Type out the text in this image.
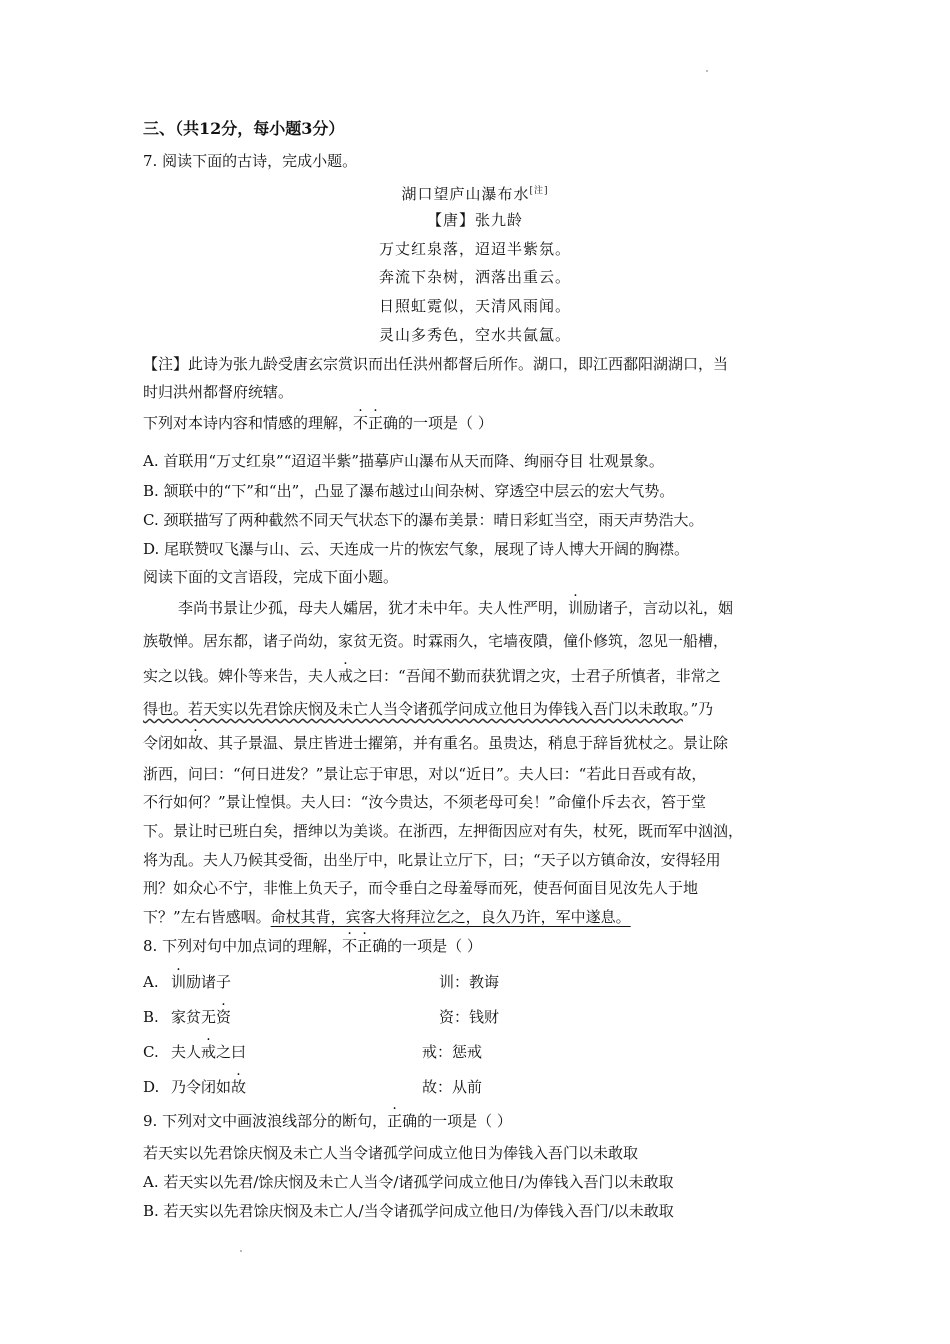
三、（共12分，每小题3分）
7. 阅读下面的古诗，完成小题。
湖口望庐山瀑布水[注]
【唐】张九龄
万丈红泉落，迢迢半紫氛。
奔流下杂树，洒落出重云。
日照虹霓似，天清风雨闻。
灵山多秀色，空水共氤氲。
【注】此诗为张九龄受唐玄宗赏识而出任洪州都督后所作。湖口，即江西鄱阳湖湖口，当
时归洪州都督府统辖。
下列对本诗内容和情感的理解，不正确的一项是（ ）
A. 首联用“万丈红泉”“迢迢半紫”描摹庐山瀑布从天而降、绚丽夺目 壮观景象。
B. 颔联中的“下”和“出”，凸显了瀑布越过山间杂树、穿透空中层云的宏大气势。
C. 颈联描写了两种截然不同天气状态下的瀑布美景：晴日彩虹当空，雨天声势浩大。
D. 尾联赞叹飞瀑与山、云、天连成一片的恢宏气象，展现了诗人博大开阔的胸襟。
阅读下面的文言语段，完成下面小题。
李尚书景让少孤，母夫人孀居，犹才未中年。夫人性严明，训励诸子，言动以礼，姻
族敬惮。居东都，诸子尚幼，家贫无资。时霖雨久，宅墙夜隤，僮仆修筑，忽见一船槽，
实之以钱。婢仆等来告，夫人戒之曰：“吾闻不勤而获犹谓之灾，士君子所慎者，非常之
得也。若天实以先君馀庆悯及未亡人当令诸孤学问成立他日为俸钱入吾门以未敢取。”乃
令闭如故、其子景温、景庄皆进士擢第，并有重名。虽贵达，稍息于辞旨犹杖之。景让除
浙西，问曰：“何日进发？”景让忘于审思，对以“近日”。夫人曰：“若此日吾或有故，
不行如何？”景让惶惧。夫人曰：“汝今贵达，不须老母可矣！”命僮仆斥去衣，笞于堂
下。景让时已班白矣，搢绅以为美谈。在浙西，左押衙因应对有失，杖死，既而军中汹汹，
将为乱。夫人乃候其受衙，出坐厅中，叱景让立厅下，曰；“天子以方镇命汝，安得轻用
刑？如众心不宁，非惟上负天子，而令垂白之母羞辱而死，使吾何面目见汝先人于地
下？”左右皆感咽。命杖其背，宾客大将拜泣乞之，良久乃许，军中遂息。
8. 下列对句中加点词的理解，不正确的一项是（ ）
A. 训励诸子	训：教诲
B. 家贫无资	资：钱财
C. 夫人戒之曰	戒：惩戒
D. 乃令闭如故	故：从前
9. 下列对文中画波浪线部分的断句，正确的一项是（ ）
若天实以先君馀庆悯及未亡人当令诸孤学问成立他日为俸钱入吾门以未敢取
A. 若天实以先君/馀庆悯及未亡人当令/诸孤学问成立他日/为俸钱入吾门以未敢取
B. 若天实以先君馀庆悯及未亡人/当令诸孤学问成立他日/为俸钱入吾门/以未敢取
